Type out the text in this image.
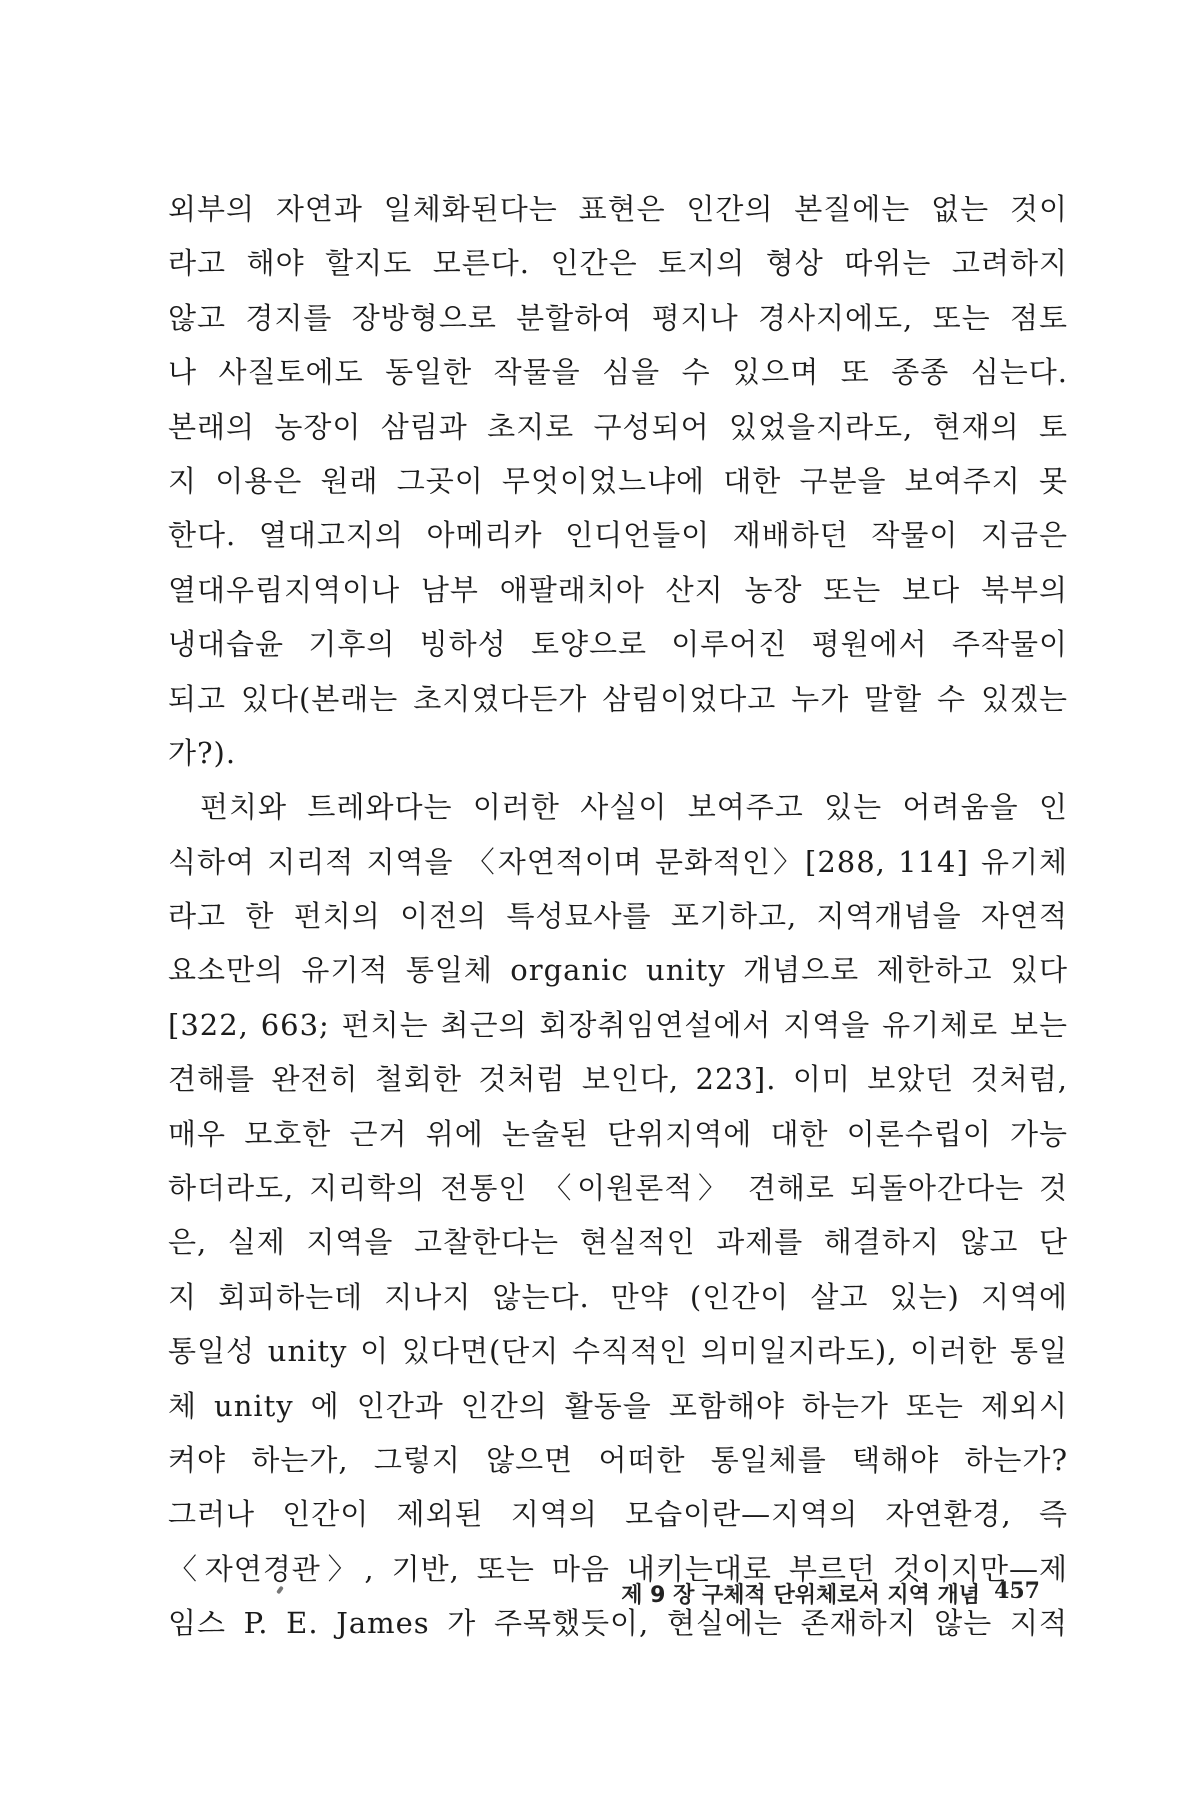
외부의 자연과 일체화된다는 표현은 인간의 본질에는 없는 것이
라고 해야 할지도 모른다. 인간은 토지의 형상 따위는 고려하지
않고 경지를 장방형으로 분할하여 평지나 경사지에도, 또는 점토
나 사질토에도 동일한 작물을 심을 수 있으며 또 종종 심는다.
본래의 농장이 삼림과 초지로 구성되어 있었을지라도, 현재의 토
지 이용은 원래 그곳이 무엇이었느냐에 대한 구분을 보여주지 못
한다. 열대고지의 아메리카 인디언들이 재배하던 작물이 지금은
열대우림지역이나 남부 애팔래치아 산지 농장 또는 보다 북부의
냉대습윤 기후의 빙하성 토양으로 이루어진 평원에서 주작물이
되고 있다(본래는 초지였다든가 삼림이었다고 누가 말할 수 있겠는
가?).
펀치와 트레와다는 이러한 사실이 보여주고 있는 어려움을 인
식하여 지리적 지역을 〈자연적이며 문화적인〉[288, 114] 유기체
라고 한 펀치의 이전의 특성묘사를 포기하고, 지역개념을 자연적
요소만의 유기적 통일체 organic unity 개념으로 제한하고 있다
[322, 663; 펀치는 최근의 회장취임연설에서 지역을 유기체로 보는
견해를 완전히 철회한 것처럼 보인다, 223]. 이미 보았던 것처럼,
매우 모호한 근거 위에 논술된 단위지역에 대한 이론수립이 가능
하더라도, 지리학의 전통인 〈이원론적〉 견해로 되돌아간다는 것
은, 실제 지역을 고찰한다는 현실적인 과제를 해결하지 않고 단
지 회피하는데 지나지 않는다. 만약 (인간이 살고 있는) 지역에
통일성 unity 이 있다면(단지 수직적인 의미일지라도), 이러한 통일
체 unity 에 인간과 인간의 활동을 포함해야 하는가 또는 제외시
켜야 하는가, 그렇지 않으면 어떠한 통일체를 택해야 하는가?
그러나 인간이 제외된 지역의 모습이란—지역의 자연환경, 즉
〈자연경관〉, 기반, 또는 마음 내키는대로 부르던 것이지만—제
임스 P. E. James 가 주목했듯이, 현실에는 존재하지 않는 지적
제 9 장 구체적 단위체로서 지역 개념 457
